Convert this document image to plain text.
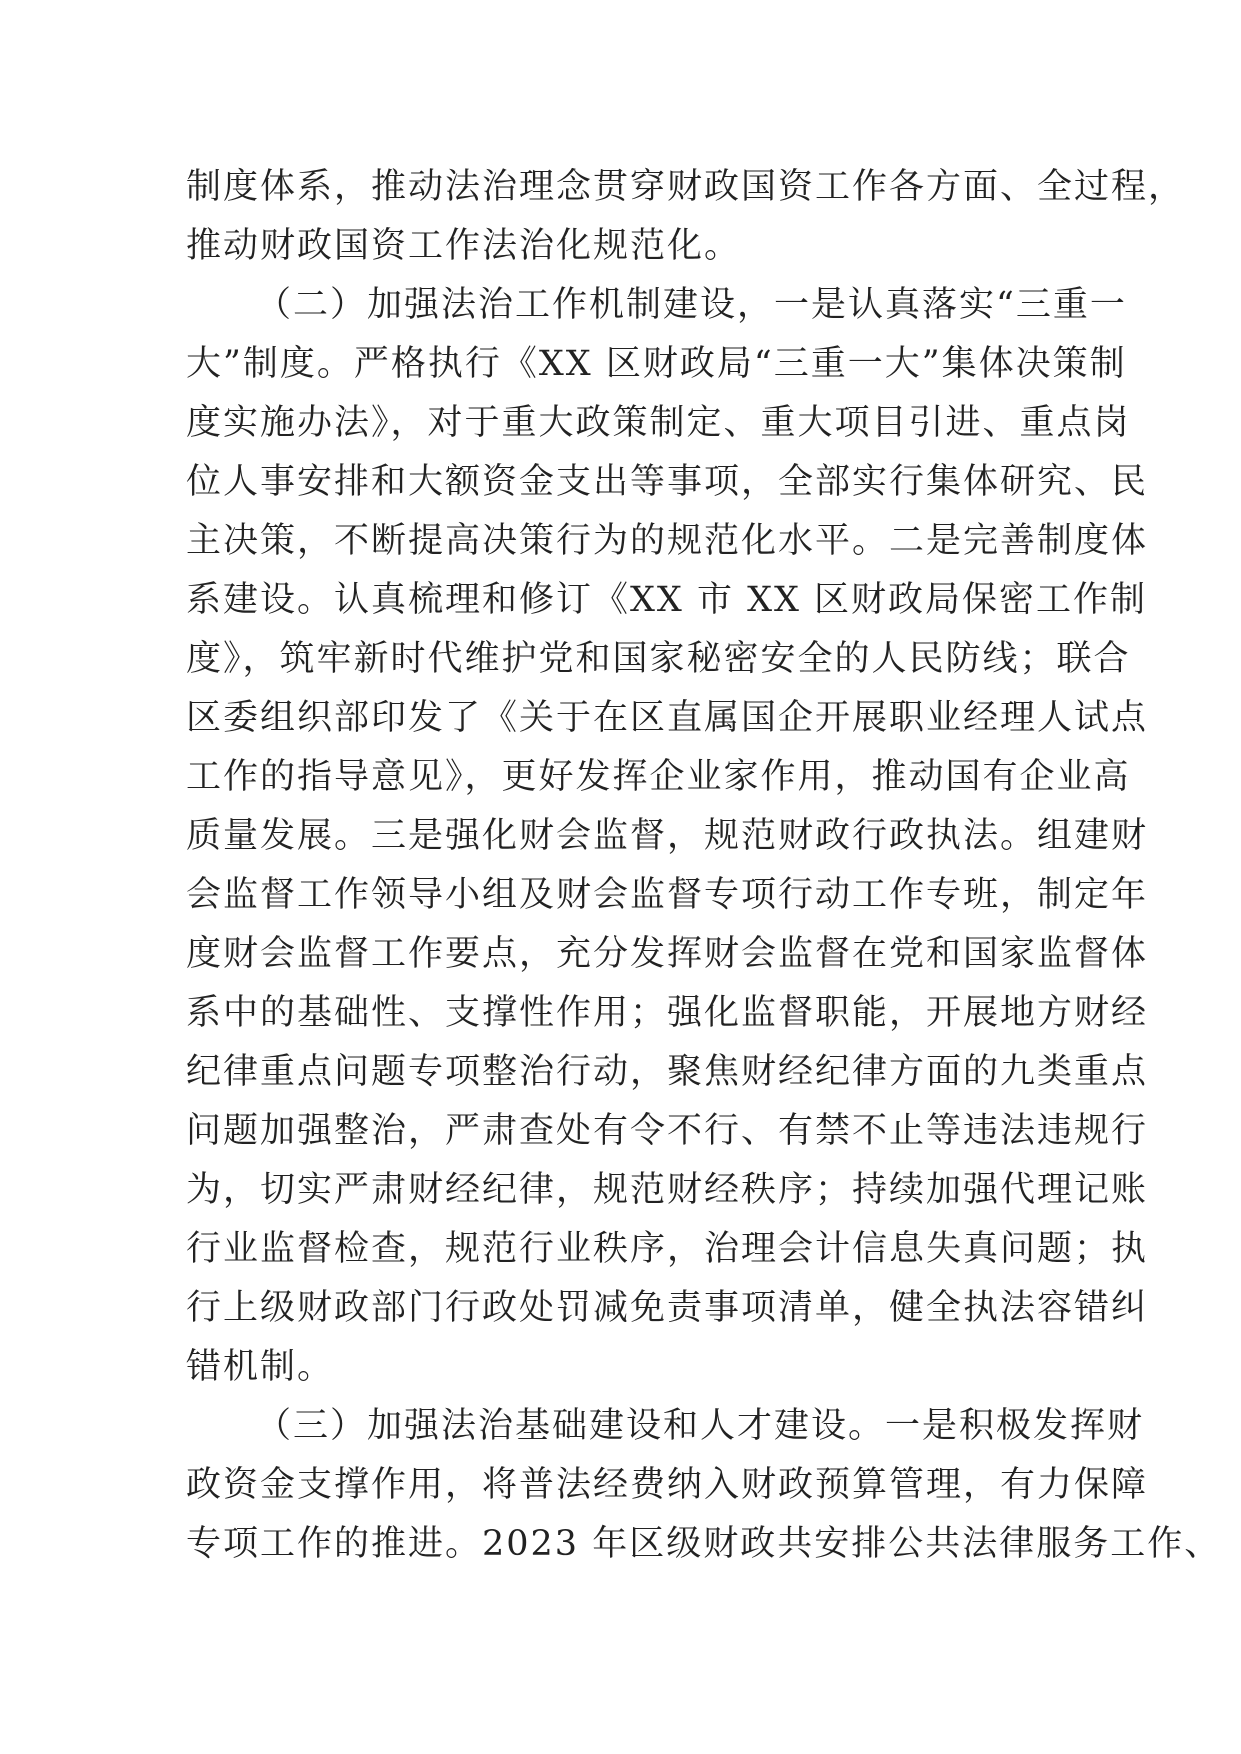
制度体系，推动法治理念贯穿财政国资工作各方面、全过程，
推动财政国资工作法治化规范化。
（二）加强法治工作机制建设，一是认真落实“三重一
大”制度。严格执行《XX 区财政局“三重一大”集体决策制
度实施办法》，对于重大政策制定、重大项目引进、重点岗
位人事安排和大额资金支出等事项，全部实行集体研究、民
主决策，不断提高决策行为的规范化水平。二是完善制度体
系建设。认真梳理和修订《XX 市 XX 区财政局保密工作制
度》，筑牢新时代维护党和国家秘密安全的人民防线；联合
区委组织部印发了《关于在区直属国企开展职业经理人试点
工作的指导意见》，更好发挥企业家作用，推动国有企业高
质量发展。三是强化财会监督，规范财政行政执法。组建财
会监督工作领导小组及财会监督专项行动工作专班，制定年
度财会监督工作要点，充分发挥财会监督在党和国家监督体
系中的基础性、支撑性作用；强化监督职能，开展地方财经
纪律重点问题专项整治行动，聚焦财经纪律方面的九类重点
问题加强整治，严肃查处有令不行、有禁不止等违法违规行
为，切实严肃财经纪律，规范财经秩序；持续加强代理记账
行业监督检查，规范行业秩序，治理会计信息失真问题；执
行上级财政部门行政处罚减免责事项清单，健全执法容错纠
错机制。
（三）加强法治基础建设和人才建设。一是积极发挥财
政资金支撑作用，将普法经费纳入财政预算管理，有力保障
专项工作的推进。2023 年区级财政共安排公共法律服务工作、
